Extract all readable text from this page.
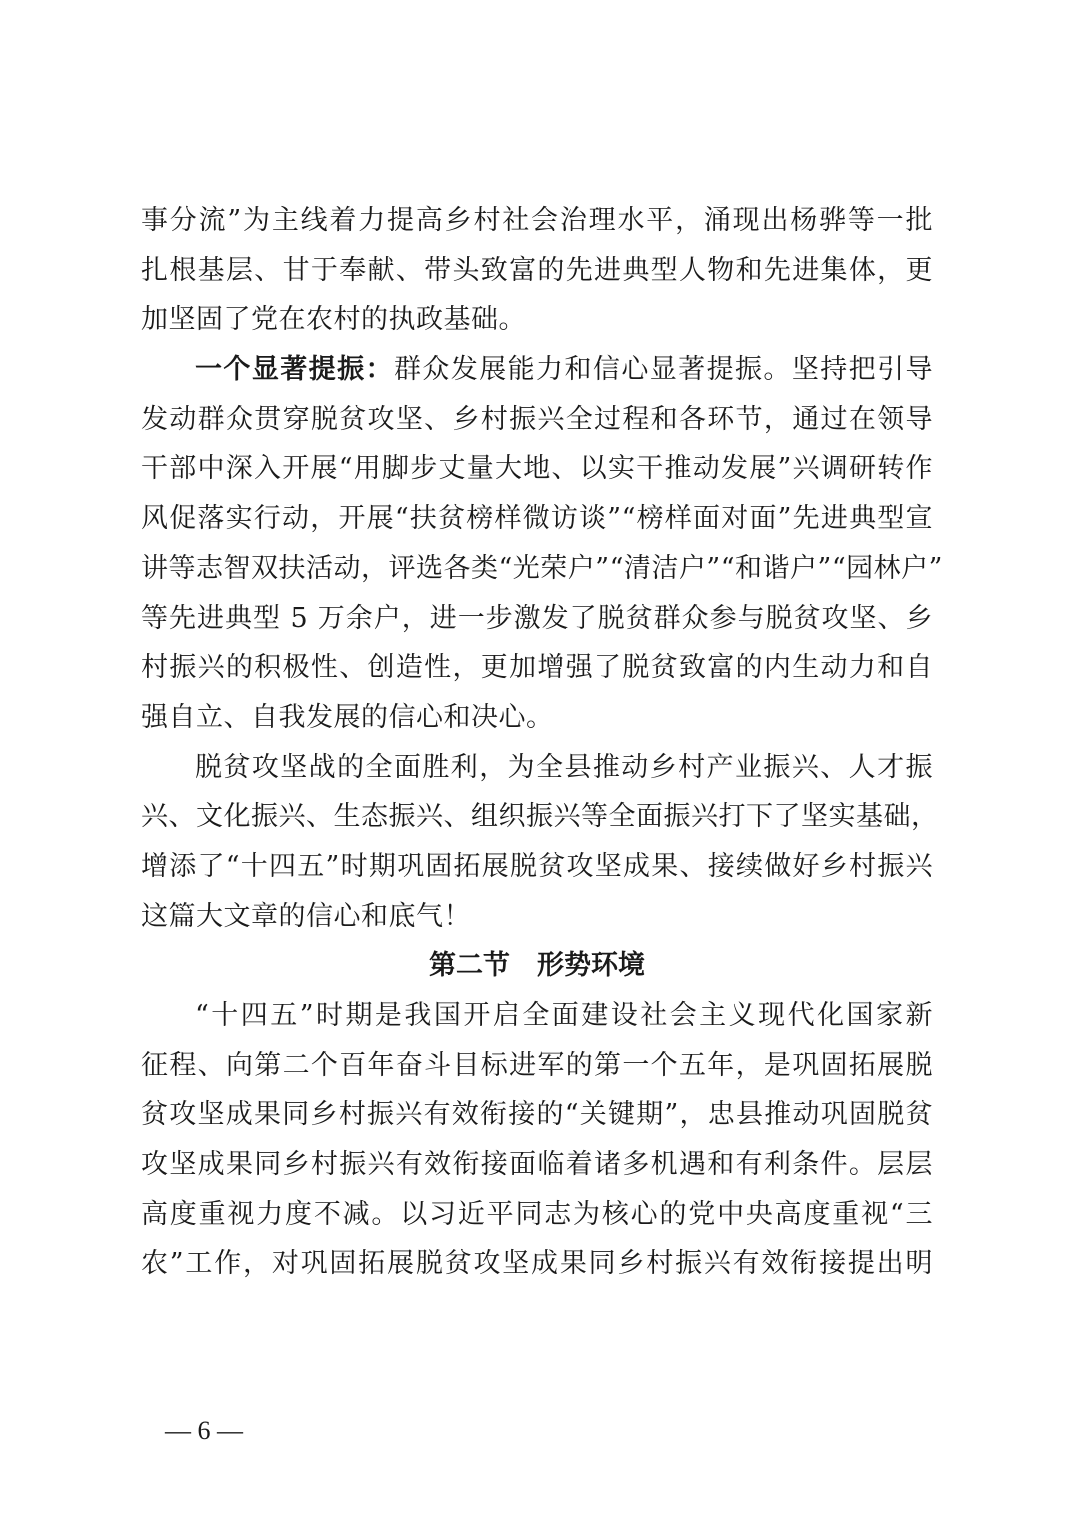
事分流”为主线着力提高乡村社会治理水平，涌现出杨骅等一批
扎根基层、甘于奉献、带头致富的先进典型人物和先进集体，更
加坚固了党在农村的执政基础。
一个显著提振：群众发展能力和信心显著提振。坚持把引导
发动群众贯穿脱贫攻坚、乡村振兴全过程和各环节，通过在领导
干部中深入开展“用脚步丈量大地、以实干推动发展”兴调研转作
风促落实行动，开展“扶贫榜样微访谈”“榜样面对面”先进典型宣
讲等志智双扶活动，评选各类“光荣户”“清洁户”“和谐户”“园林户”
等先进典型 5 万余户，进一步激发了脱贫群众参与脱贫攻坚、乡
村振兴的积极性、创造性，更加增强了脱贫致富的内生动力和自
强自立、自我发展的信心和决心。
脱贫攻坚战的全面胜利，为全县推动乡村产业振兴、人才振
兴、文化振兴、生态振兴、组织振兴等全面振兴打下了坚实基础，
增添了“十四五”时期巩固拓展脱贫攻坚成果、接续做好乡村振兴
这篇大文章的信心和底气！
第二节　形势环境
“十四五”时期是我国开启全面建设社会主义现代化国家新
征程、向第二个百年奋斗目标进军的第一个五年，是巩固拓展脱
贫攻坚成果同乡村振兴有效衔接的“关键期”，忠县推动巩固脱贫
攻坚成果同乡村振兴有效衔接面临着诸多机遇和有利条件。层层
高度重视力度不减。以习近平同志为核心的党中央高度重视“三
农”工作，对巩固拓展脱贫攻坚成果同乡村振兴有效衔接提出明
— 6 —
